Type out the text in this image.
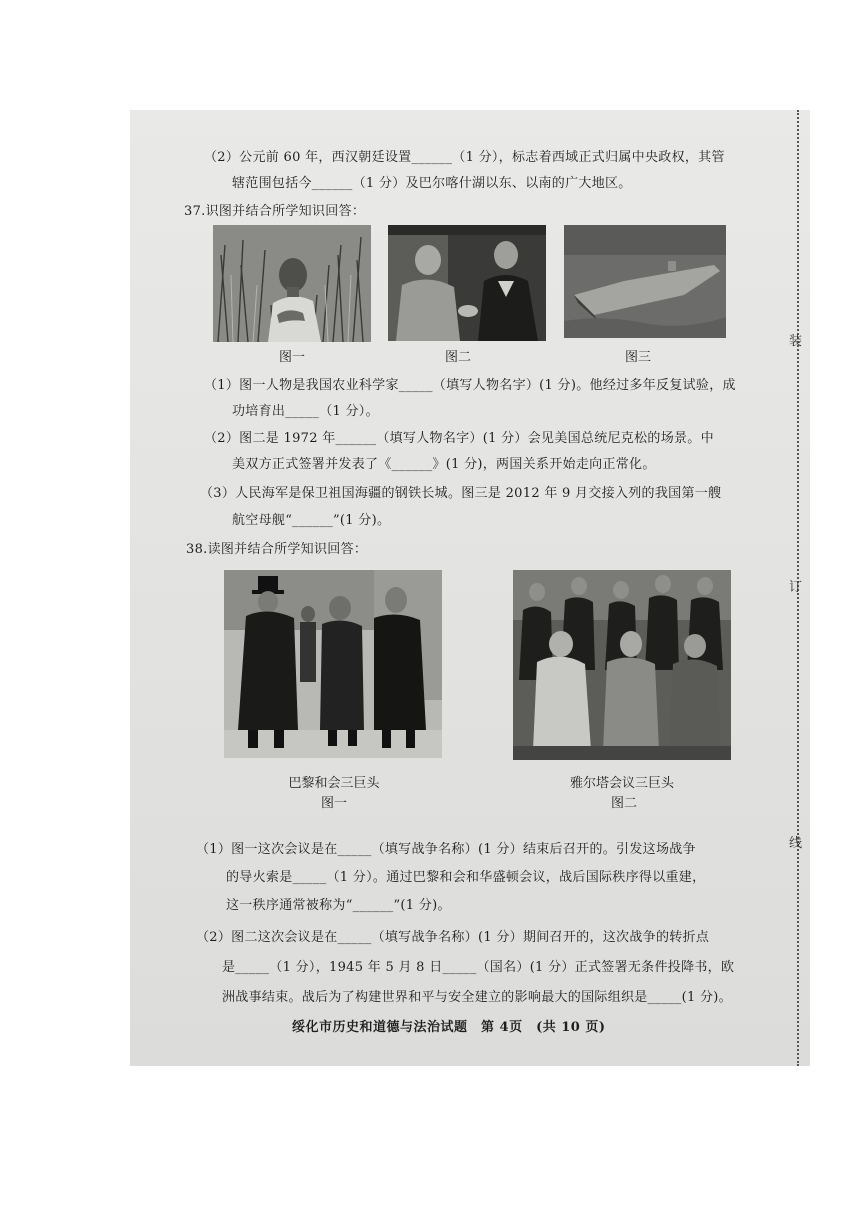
装
订
线
（2）公元前 60 年，西汉朝廷设置______（1 分），标志着西域正式归属中央政权，其管
辖范围包括今______（1 分）及巴尔喀什湖以东、以南的广大地区。
37.识图并结合所学知识回答：
图一	图二	图三
（1）图一人物是我国农业科学家_____（填写人物名字）(1 分)。他经过多年反复试验，成
功培育出_____（1 分）。
（2）图二是 1972 年______（填写人物名字）(1 分）会见美国总统尼克松的场景。中
美双方正式签署并发表了《______》(1 分)，两国关系开始走向正常化。
（3）人民海军是保卫祖国海疆的钢铁长城。图三是 2012 年 9 月交接入列的我国第一艘
航空母舰“______”(1 分)。
38.读图并结合所学知识回答：
巴黎和会三巨头
图一
雅尔塔会议三巨头
图二
（1）图一这次会议是在_____（填写战争名称）(1 分）结束后召开的。引发这场战争
的导火索是_____（1 分）。通过巴黎和会和华盛顿会议，战后国际秩序得以重建，
这一秩序通常被称为“______”(1 分)。
（2）图二这次会议是在_____（填写战争名称）(1 分）期间召开的，这次战争的转折点
是_____（1 分），1945 年 5 月 8 日_____（国名）(1 分）正式签署无条件投降书，欧
洲战事结束。战后为了构建世界和平与安全建立的影响最大的国际组织是_____(1 分)。
绥化市历史和道德与法治试题　第 4页　(共 10 页)
